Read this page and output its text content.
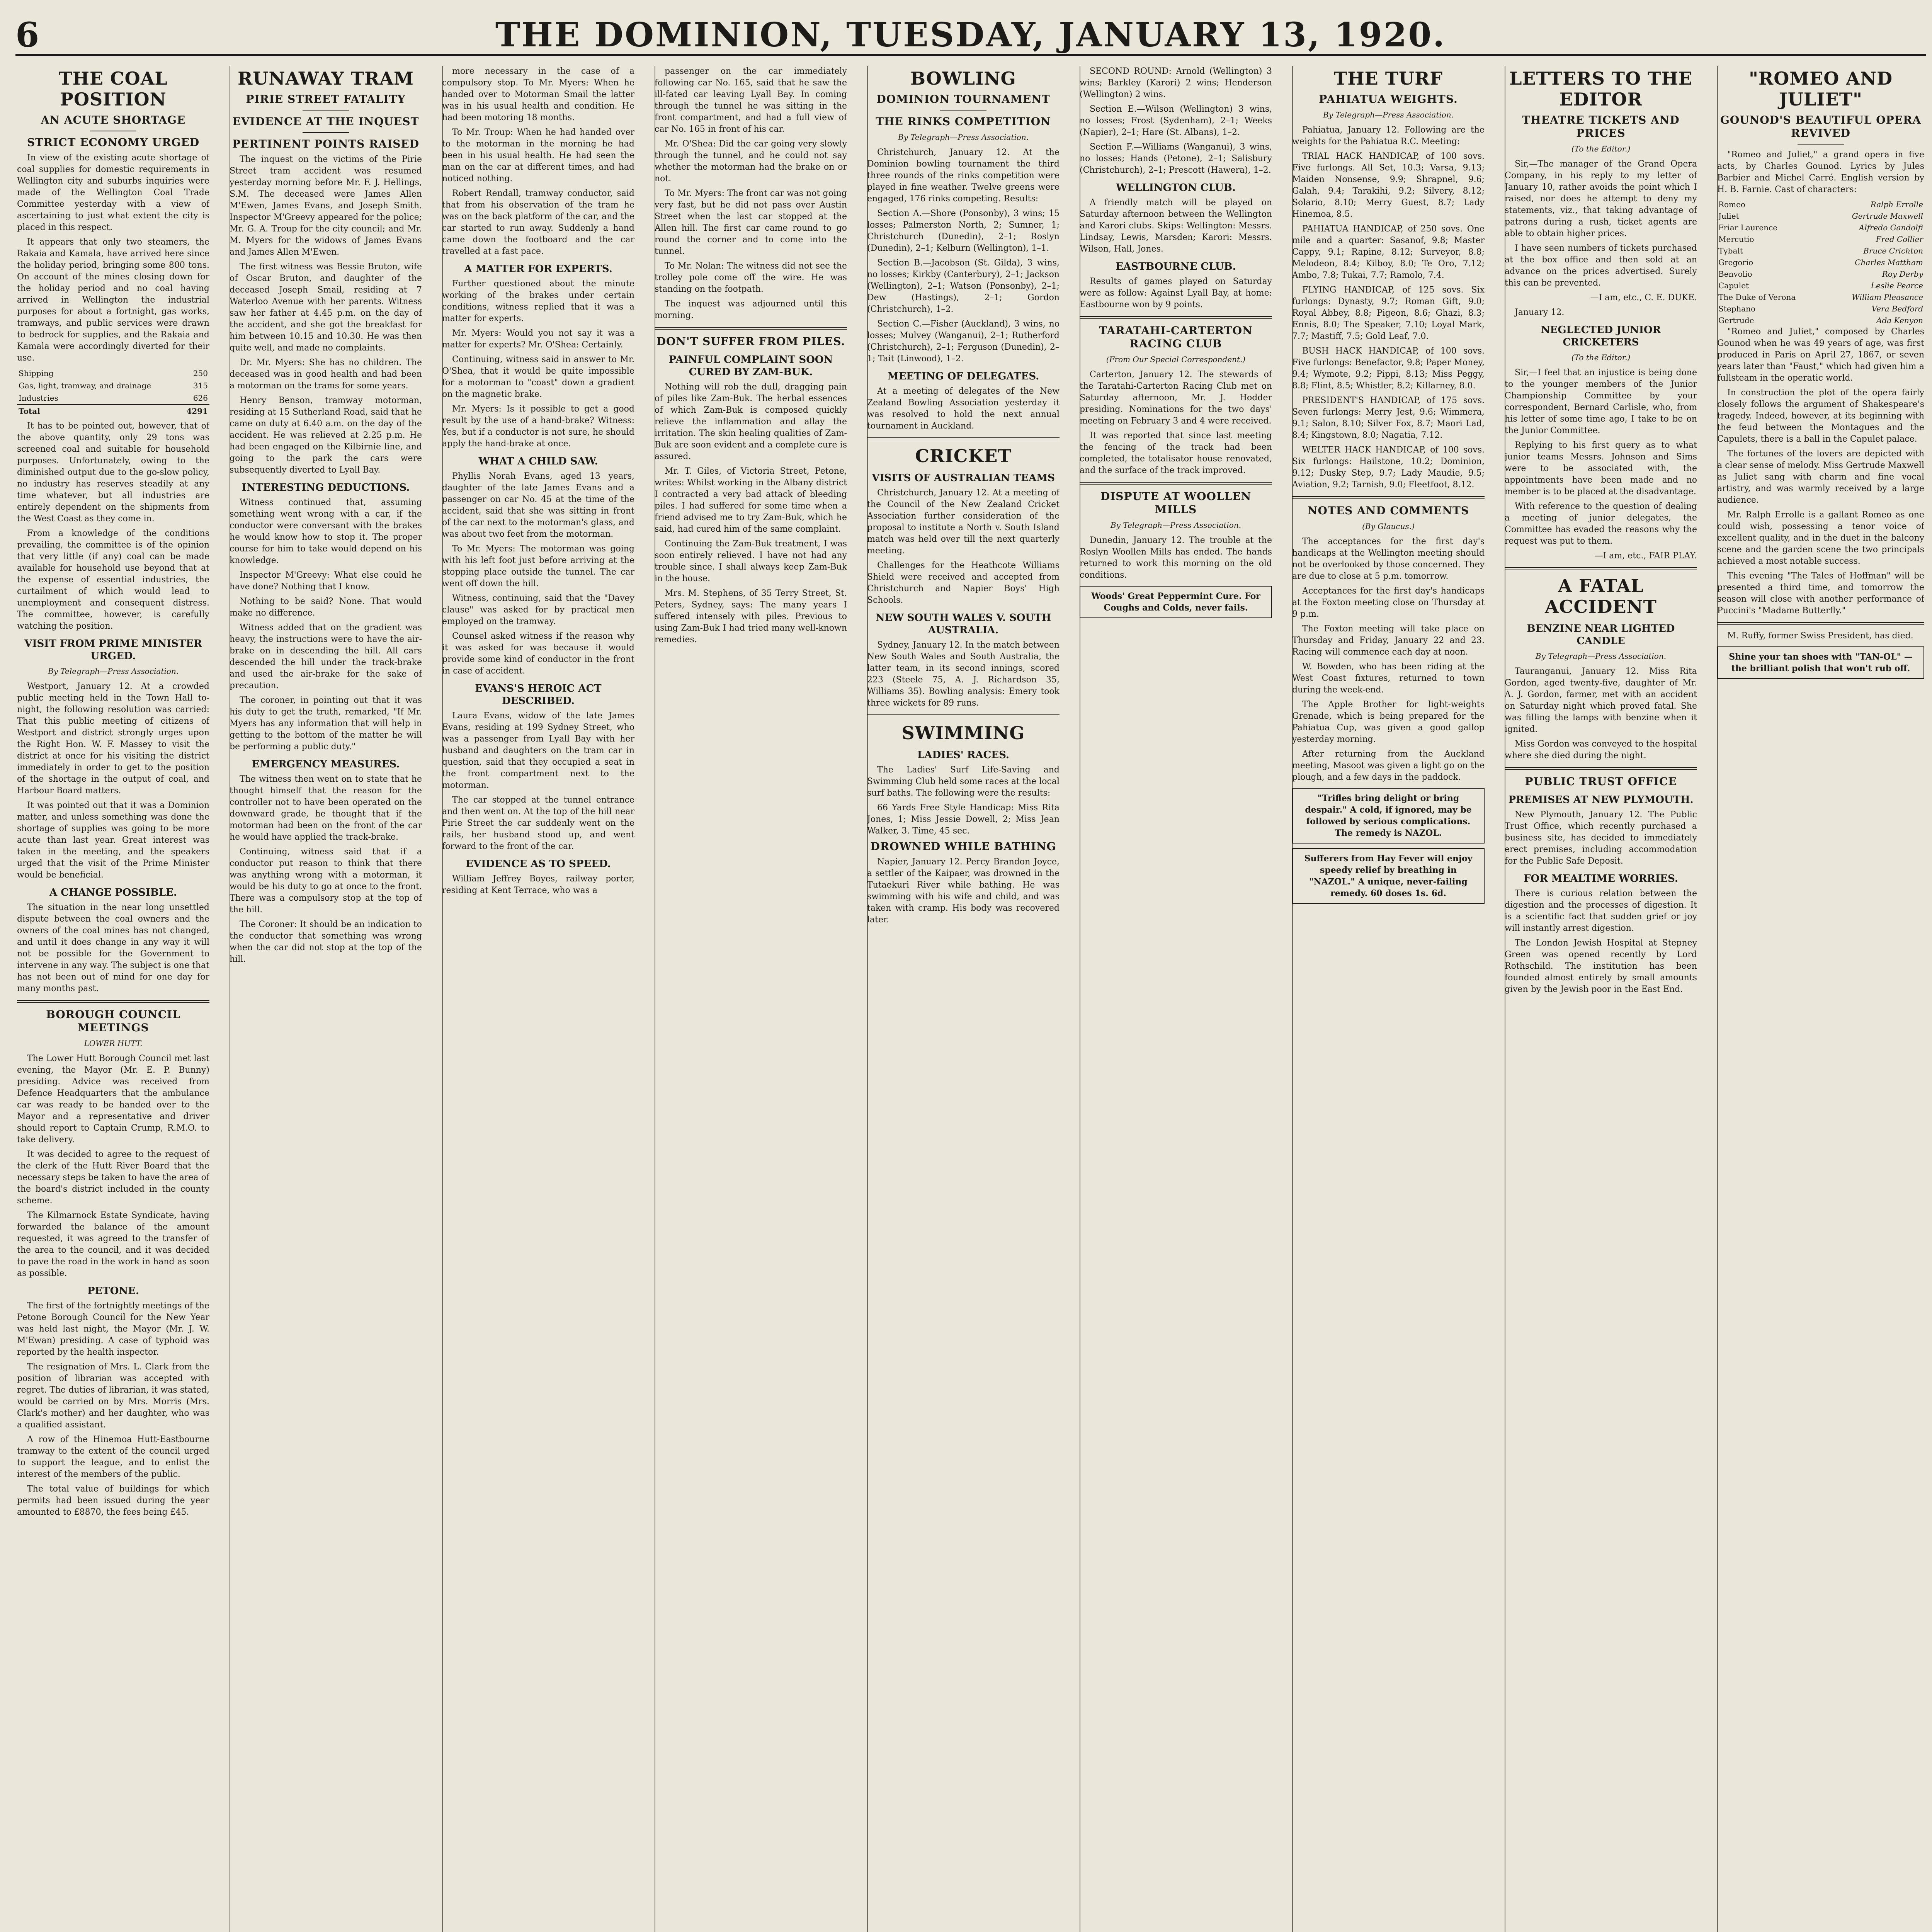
6	THE DOMINION, TUESDAY, JANUARY 13, 1920.
THE COAL POSITION
AN ACUTE SHORTAGE
STRICT ECONOMY URGED

In view of the existing acute shortage of coal supplies for domestic requirements in Wellington city and suburbs inquiries were made of the Wellington Coal Trade Committee yesterday with a view of ascertaining to just what extent the city is placed in this respect.

It appears that only two steamers, the Rakaia and Kamala, have arrived here since the holiday period, bringing some 800 tons. On account of the mines closing down for the holiday period and no coal having arrived in Wellington the industrial purposes for about a fortnight, gas works, tramways, and public services were drawn to bedrock for supplies, and the Rakaia and Kamala were accordingly diverted for their use.

Shipping	250
Gas, light, tramway, and drainage	315
Industries	626
Total	4291

It has to be pointed out, however, that of the above quantity, only 29 tons was screened coal and suitable for household purposes. Unfortunately, owing to the diminished output due to the go-slow policy, no industry has reserves steadily at any time whatever, but all industries are entirely dependent on the shipments from the West Coast as they come in.

From a knowledge of the conditions prevailing, the committee is of the opinion that very little (if any) coal can be made available for household use beyond that at the expense of essential industries, the curtailment of which would lead to unemployment and consequent distress. The committee, however, is carefully watching the position.

VISIT FROM PRIME MINISTER URGED.
By Telegraph—Press Association.

Westport, January 12. At a crowded public meeting held in the Town Hall to-night, the following resolution was carried: That this public meeting of citizens of Westport and district strongly urges upon the Right Hon. W. F. Massey to visit the district at once for his visiting the district immediately in order to get to the position of the shortage in the output of coal, and Harbour Board matters.

It was pointed out that it was a Dominion matter, and unless something was done the shortage of supplies was going to be more acute than last year. Great interest was taken in the meeting, and the speakers urged that the visit of the Prime Minister would be beneficial.

A CHANGE POSSIBLE.

The situation in the near long unsettled dispute between the coal owners and the owners of the coal mines has not changed, and until it does change in any way it will not be possible for the Government to intervene in any way. The subject is one that has not been out of mind for one day for many months past.

BOROUGH COUNCIL MEETINGS
LOWER HUTT.

The Lower Hutt Borough Council met last evening, the Mayor (Mr. E. P. Bunny) presiding. Advice was received from Defence Headquarters that the ambulance car was ready to be handed over to the Mayor and a representative and driver should report to Captain Crump, R.M.O. to take delivery.

It was decided to agree to the request of the clerk of the Hutt River Board that the necessary steps be taken to have the area of the board's district included in the county scheme.

The Kilmarnock Estate Syndicate, having forwarded the balance of the amount requested, it was agreed to the transfer of the area to the council, and it was decided to pave the road in the work in hand as soon as possible.

PETONE.

The first of the fortnightly meetings of the Petone Borough Council for the New Year was held last night, the Mayor (Mr. J. W. M'Ewan) presiding. A case of typhoid was reported by the health inspector.

The resignation of Mrs. L. Clark from the position of librarian was accepted with regret. The duties of librarian, it was stated, would be carried on by Mrs. Morris (Mrs. Clark's mother) and her daughter, who was a qualified assistant.

A row of the Hinemoa Hutt-Eastbourne tramway to the extent of the council urged to support the league, and to enlist the interest of the members of the public.

The total value of buildings for which permits had been issued during the year amounted to £8870, the fees being £45.

RUNAWAY TRAM
PIRIE STREET FATALITY
EVIDENCE AT THE INQUEST
PERTINENT POINTS RAISED

The inquest on the victims of the Pirie Street tram accident was resumed yesterday morning before Mr. F. J. Hellings, S.M. The deceased were James Allen M'Ewen, James Evans, and Joseph Smith. Inspector M'Greevy appeared for the police; Mr. G. A. Troup for the city council; and Mr. M. Myers for the widows of James Evans and James Allen M'Ewen.

The first witness was Bessie Bruton, wife of Oscar Bruton, and daughter of the deceased Joseph Smail, residing at 7 Waterloo Avenue with her parents. Witness saw her father at 4.45 p.m. on the day of the accident, and she got the breakfast for him between 10.15 and 10.30. He was then quite well, and made no complaints.

Dr. Mr. Myers: She has no children. The deceased was in good health and had been a motorman on the trams for some years.

Henry Benson, tramway motorman, residing at 15 Sutherland Road, said that he came on duty at 6.40 a.m. on the day of the accident. He was relieved at 2.25 p.m. He had been engaged on the Kilbirnie line, and going to the park the cars were subsequently diverted to Lyall Bay.

INTERESTING DEDUCTIONS.

Witness continued that, assuming something went wrong with a car, if the conductor were conversant with the brakes he would know how to stop it. The proper course for him to take would depend on his knowledge.

Inspector M'Greevy: What else could he have done? Nothing that I know.

Nothing to be said? None. That would make no difference.

Witness added that on the gradient was heavy, the instructions were to have the air-brake on in descending the hill. All cars descended the hill under the track-brake and used the air-brake for the sake of precaution.

The coroner, in pointing out that it was his duty to get the truth, remarked, "If Mr. Myers has any information that will help in getting to the bottom of the matter he will be performing a public duty."

EMERGENCY MEASURES.

The witness then went on to state that he thought himself that the reason for the controller not to have been operated on the downward grade, he thought that if the motorman had been on the front of the car he would have applied the track-brake.

Continuing, witness said that if a conductor put reason to think that there was anything wrong with a motorman, it would be his duty to go at once to the front. There was a compulsory stop at the top of the hill.

The Coroner: It should be an indication to the conductor that something was wrong when the car did not stop at the top of the hill.

more necessary in the case of a compulsory stop. To Mr. Myers: When he handed over to Motorman Smail the latter was in his usual health and condition. He had been motoring 18 months.

To Mr. Troup: When he had handed over to the motorman in the morning he had been in his usual health. He had seen the man on the car at different times, and had noticed nothing.

Robert Rendall, tramway conductor, said that from his observation of the tram he was on the back platform of the car, and the car started to run away. Suddenly a hand came down the footboard and the car travelled at a fast pace.

A MATTER FOR EXPERTS.

Further questioned about the minute working of the brakes under certain conditions, witness replied that it was a matter for experts.

Mr. Myers: Would you not say it was a matter for experts? Mr. O'Shea: Certainly.

Continuing, witness said in answer to Mr. O'Shea, that it would be quite impossible for a motorman to "coast" down a gradient on the magnetic brake.

Mr. Myers: Is it possible to get a good result by the use of a hand-brake? Witness: Yes, but if a conductor is not sure, he should apply the hand-brake at once.

WHAT A CHILD SAW.

Phyllis Norah Evans, aged 13 years, daughter of the late James Evans and a passenger on car No. 45 at the time of the accident, said that she was sitting in front of the car next to the motorman's glass, and was about two feet from the motorman.

To Mr. Myers: The motorman was going with his left foot just before arriving at the stopping place outside the tunnel. The car went off down the hill.

Witness, continuing, said that the "Davey clause" was asked for by practical men employed on the tramway.

Counsel asked witness if the reason why it was asked for was because it would provide some kind of conductor in the front in case of accident.

EVANS'S HEROIC ACT DESCRIBED.

Laura Evans, widow of the late James Evans, residing at 199 Sydney Street, who was a passenger from Lyall Bay with her husband and daughters on the tram car in question, said that they occupied a seat in the front compartment next to the motorman.

The car stopped at the tunnel entrance and then went on. At the top of the hill near Pirie Street the car suddenly went on the rails, her husband stood up, and went forward to the front of the car.

EVIDENCE AS TO SPEED.

William Jeffrey Boyes, railway porter, residing at Kent Terrace, who was a

passenger on the car immediately following car No. 165, said that he saw the ill-fated car leaving Lyall Bay. In coming through the tunnel he was sitting in the front compartment, and had a full view of car No. 165 in front of his car.

Mr. O'Shea: Did the car going very slowly through the tunnel, and he could not say whether the motorman had the brake on or not.

To Mr. Myers: The front car was not going very fast, but he did not pass over Austin Street when the last car stopped at the Allen hill. The first car came round to go round the corner and to come into the tunnel.

To Mr. Nolan: The witness did not see the trolley pole come off the wire. He was standing on the footpath.

The inquest was adjourned until this morning.

DON'T SUFFER FROM PILES.
PAINFUL COMPLAINT SOON CURED BY ZAM-BUK.

Nothing will rob the dull, dragging pain of piles like Zam-Buk. The herbal essences of which Zam-Buk is composed quickly relieve the inflammation and allay the irritation. The skin healing qualities of Zam-Buk are soon evident and a complete cure is assured.

Mr. T. Giles, of Victoria Street, Petone, writes: Whilst working in the Albany district I contracted a very bad attack of bleeding piles. I had suffered for some time when a friend advised me to try Zam-Buk, which he said, had cured him of the same complaint.

Continuing the Zam-Buk treatment, I was soon entirely relieved. I have not had any trouble since. I shall always keep Zam-Buk in the house.

Mrs. M. Stephens, of 35 Terry Street, St. Peters, Sydney, says: The many years I suffered intensely with piles. Previous to using Zam-Buk I had tried many well-known remedies.

BOWLING
DOMINION TOURNAMENT
THE RINKS COMPETITION
By Telegraph—Press Association.

Christchurch, January 12. At the Dominion bowling tournament the third three rounds of the rinks competition were played in fine weather. Twelve greens were engaged, 176 rinks competing. Results:

Section A.—Shore (Ponsonby), 3 wins; 15 losses; Palmerston North, 2; Sumner, 1; Christchurch (Dunedin), 2–1; Roslyn (Dunedin), 2–1; Kelburn (Wellington), 1–1.

Section B.—Jacobson (St. Gilda), 3 wins, no losses; Kirkby (Canterbury), 2–1; Jackson (Wellington), 2–1; Watson (Ponsonby), 2–1; Dew (Hastings), 2–1; Gordon (Christchurch), 1–2.

Section C.—Fisher (Auckland), 3 wins, no losses; Mulvey (Wanganui), 2–1; Rutherford (Christchurch), 2–1; Ferguson (Dunedin), 2–1; Tait (Linwood), 1–2.

MEETING OF DELEGATES.

At a meeting of delegates of the New Zealand Bowling Association yesterday it was resolved to hold the next annual tournament in Auckland.

CRICKET
VISITS OF AUSTRALIAN TEAMS

Christchurch, January 12. At a meeting of the Council of the New Zealand Cricket Association further consideration of the proposal to institute a North v. South Island match was held over till the next quarterly meeting.

Challenges for the Heathcote Williams Shield were received and accepted from Christchurch and Napier Boys' High Schools.

NEW SOUTH WALES V. SOUTH AUSTRALIA.

Sydney, January 12. In the match between New South Wales and South Australia, the latter team, in its second innings, scored 223 (Steele 75, A. J. Richardson 35, Williams 35). Bowling analysis: Emery took three wickets for 89 runs.

SWIMMING
LADIES' RACES.

The Ladies' Surf Life-Saving and Swimming Club held some races at the local surf baths. The following were the results:

66 Yards Free Style Handicap: Miss Rita Jones, 1; Miss Jessie Dowell, 2; Miss Jean Walker, 3. Time, 45 sec.

DROWNED WHILE BATHING

Napier, January 12. Percy Brandon Joyce, a settler of the Kaipaer, was drowned in the Tutaekuri River while bathing. He was swimming with his wife and child, and was taken with cramp. His body was recovered later.

SECOND ROUND: Arnold (Wellington) 3 wins; Barkley (Karori) 2 wins; Henderson (Wellington) 2 wins.

Section E.—Wilson (Wellington) 3 wins, no losses; Frost (Sydenham), 2–1; Weeks (Napier), 2–1; Hare (St. Albans), 1–2.

Section F.—Williams (Wanganui), 3 wins, no losses; Hands (Petone), 2–1; Salisbury (Christchurch), 2–1; Prescott (Hawera), 1–2.

WELLINGTON CLUB.

A friendly match will be played on Saturday afternoon between the Wellington and Karori clubs. Skips: Wellington: Messrs. Lindsay, Lewis, Marsden; Karori: Messrs. Wilson, Hall, Jones.

EASTBOURNE CLUB.

Results of games played on Saturday were as follow: Against Lyall Bay, at home: Eastbourne won by 9 points.

TARATAHI-CARTERTON RACING CLUB
(From Our Special Correspondent.)

Carterton, January 12. The stewards of the Taratahi-Carterton Racing Club met on Saturday afternoon, Mr. J. Hodder presiding. Nominations for the two days' meeting on February 3 and 4 were received.

It was reported that since last meeting the fencing of the track had been completed, the totalisator house renovated, and the surface of the track improved.

DISPUTE AT WOOLLEN MILLS
By Telegraph—Press Association.

Dunedin, January 12. The trouble at the Roslyn Woollen Mills has ended. The hands returned to work this morning on the old conditions.

Woods' Great Peppermint Cure. For Coughs and Colds, never fails.
THE TURF
PAHIATUA WEIGHTS.
By Telegraph—Press Association.

Pahiatua, January 12. Following are the weights for the Pahiatua R.C. Meeting:

TRIAL HACK HANDICAP, of 100 sovs. Five furlongs. All Set, 10.3; Varsa, 9.13; Maiden Nonsense, 9.9; Shrapnel, 9.6; Galah, 9.4; Tarakihi, 9.2; Silvery, 8.12; Solario, 8.10; Merry Guest, 8.7; Lady Hinemoa, 8.5.

PAHIATUA HANDICAP, of 250 sovs. One mile and a quarter: Sasanof, 9.8; Master Cappy, 9.1; Rapine, 8.12; Surveyor, 8.8; Melodeon, 8.4; Kilboy, 8.0; Te Oro, 7.12; Ambo, 7.8; Tukai, 7.7; Ramolo, 7.4.

FLYING HANDICAP, of 125 sovs. Six furlongs: Dynasty, 9.7; Roman Gift, 9.0; Royal Abbey, 8.8; Pigeon, 8.6; Ghazi, 8.3; Ennis, 8.0; The Speaker, 7.10; Loyal Mark, 7.7; Mastiff, 7.5; Gold Leaf, 7.0.

BUSH HACK HANDICAP, of 100 sovs. Five furlongs: Benefactor, 9.8; Paper Money, 9.4; Wymote, 9.2; Pippi, 8.13; Miss Peggy, 8.8; Flint, 8.5; Whistler, 8.2; Killarney, 8.0.

PRESIDENT'S HANDICAP, of 175 sovs. Seven furlongs: Merry Jest, 9.6; Wimmera, 9.1; Salon, 8.10; Silver Fox, 8.7; Maori Lad, 8.4; Kingstown, 8.0; Nagatia, 7.12.

WELTER HACK HANDICAP, of 100 sovs. Six furlongs: Hailstone, 10.2; Dominion, 9.12; Dusky Step, 9.7; Lady Maudie, 9.5; Aviation, 9.2; Tarnish, 9.0; Fleetfoot, 8.12.

NOTES AND COMMENTS
(By Glaucus.)

The acceptances for the first day's handicaps at the Wellington meeting should not be overlooked by those concerned. They are due to close at 5 p.m. tomorrow.

Acceptances for the first day's handicaps at the Foxton meeting close on Thursday at 9 p.m.

The Foxton meeting will take place on Thursday and Friday, January 22 and 23. Racing will commence each day at noon.

W. Bowden, who has been riding at the West Coast fixtures, returned to town during the week-end.

The Apple Brother for light-weights Grenade, which is being prepared for the Pahiatua Cup, was given a good gallop yesterday morning.

After returning from the Auckland meeting, Masoot was given a light go on the plough, and a few days in the paddock.

"Trifles bring delight or bring despair." A cold, if ignored, may be followed by serious complications. The remedy is NAZOL.
Sufferers from Hay Fever will enjoy speedy relief by breathing in "NAZOL." A unique, never-failing remedy. 60 doses 1s. 6d.
LETTERS TO THE EDITOR
THEATRE TICKETS AND PRICES
(To the Editor.)

Sir,—The manager of the Grand Opera Company, in his reply to my letter of January 10, rather avoids the point which I raised, nor does he attempt to deny my statements, viz., that taking advantage of patrons during a rush, ticket agents are able to obtain higher prices.

I have seen numbers of tickets purchased at the box office and then sold at an advance on the prices advertised. Surely this can be prevented.

—I am, etc., C. E. DUKE.

January 12.

NEGLECTED JUNIOR CRICKETERS
(To the Editor.)

Sir,—I feel that an injustice is being done to the younger members of the Junior Championship Committee by your correspondent, Bernard Carlisle, who, from his letter of some time ago, I take to be on the Junior Committee.

Replying to his first query as to what junior teams Messrs. Johnson and Sims were to be associated with, the appointments have been made and no member is to be placed at the disadvantage.

With reference to the question of dealing a meeting of junior delegates, the Committee has evaded the reasons why the request was put to them.

—I am, etc., FAIR PLAY.

A FATAL ACCIDENT
BENZINE NEAR LIGHTED CANDLE
By Telegraph—Press Association.

Tauranganui, January 12. Miss Rita Gordon, aged twenty-five, daughter of Mr. A. J. Gordon, farmer, met with an accident on Saturday night which proved fatal. She was filling the lamps with benzine when it ignited.

Miss Gordon was conveyed to the hospital where she died during the night.

PUBLIC TRUST OFFICE
PREMISES AT NEW PLYMOUTH.

New Plymouth, January 12. The Public Trust Office, which recently purchased a business site, has decided to immediately erect premises, including accommodation for the Public Safe Deposit.

FOR MEALTIME WORRIES.

There is curious relation between the digestion and the processes of digestion. It is a scientific fact that sudden grief or joy will instantly arrest digestion.

The London Jewish Hospital at Stepney Green was opened recently by Lord Rothschild. The institution has been founded almost entirely by small amounts given by the Jewish poor in the East End.

"ROMEO AND JULIET"
GOUNOD'S BEAUTIFUL OPERA REVIVED

"Romeo and Juliet," a grand opera in five acts, by Charles Gounod. Lyrics by Jules Barbier and Michel Carré. English version by H. B. Farnie. Cast of characters:

Romeo	Ralph Errolle
Juliet	Gertrude Maxwell
Friar Laurence	Alfredo Gandolfi
Mercutio	Fred Collier
Tybalt	Bruce Crichton
Gregorio	Charles Mattham
Benvolio	Roy Derby
Capulet	Leslie Pearce
The Duke of Verona	William Pleasance
Stephano	Vera Bedford
Gertrude	Ada Kenyon

"Romeo and Juliet," composed by Charles Gounod when he was 49 years of age, was first produced in Paris on April 27, 1867, or seven years later than "Faust," which had given him a fullsteam in the operatic world.

In construction the plot of the opera fairly closely follows the argument of Shakespeare's tragedy. Indeed, however, at its beginning with the feud between the Montagues and the Capulets, there is a ball in the Capulet palace.

The fortunes of the lovers are depicted with a clear sense of melody. Miss Gertrude Maxwell as Juliet sang with charm and fine vocal artistry, and was warmly received by a large audience.

Mr. Ralph Errolle is a gallant Romeo as one could wish, possessing a tenor voice of excellent quality, and in the duet in the balcony scene and the garden scene the two principals achieved a most notable success.

This evening "The Tales of Hoffman" will be presented a third time, and tomorrow the season will close with another performance of Puccini's "Madame Butterfly."

M. Ruffy, former Swiss President, has died.

Shine your tan shoes with "TAN-OL" — the brilliant polish that won't rub off.
